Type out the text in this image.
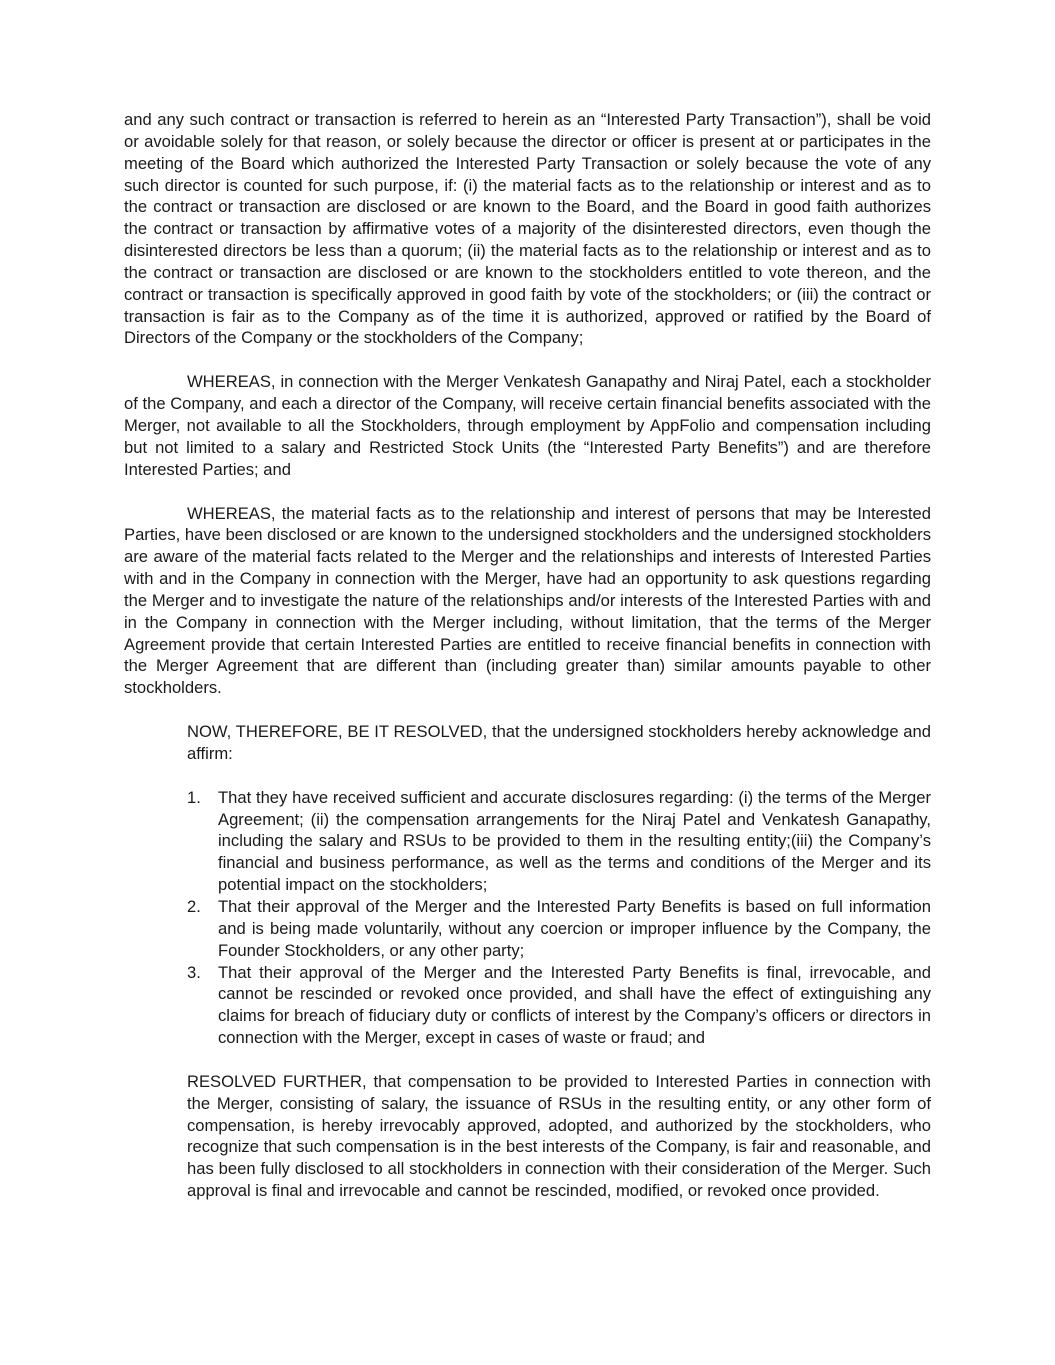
and any such contract or transaction is referred to herein as an “Interested Party Transaction”), shall be void or avoidable solely for that reason, or solely because the director or officer is present at or participates in the meeting of the Board which authorized the Interested Party Transaction or solely because the vote of any such director is counted for such purpose, if: (i) the material facts as to the relationship or interest and as to the contract or transaction are disclosed or are known to the Board, and the Board in good faith authorizes the contract or transaction by affirmative votes of a majority of the disinterested directors, even though the disinterested directors be less than a quorum; (ii) the material facts as to the relationship or interest and as to the contract or transaction are disclosed or are known to the stockholders entitled to vote thereon, and the contract or transaction is specifically approved in good faith by vote of the stockholders; or (iii) the contract or transaction is fair as to the Company as of the time it is authorized, approved or ratified by the Board of Directors of the Company or the stockholders of the Company;

WHEREAS, in connection with the Merger Venkatesh Ganapathy and Niraj Patel, each a stockholder of the Company, and each a director of the Company, will receive certain financial benefits associated with the Merger, not available to all the Stockholders, through employment by AppFolio and compensation including but not limited to a salary and Restricted Stock Units (the “Interested Party Benefits”) and are therefore Interested Parties; and

WHEREAS, the material facts as to the relationship and interest of persons that may be Interested Parties, have been disclosed or are known to the undersigned stockholders and the undersigned stockholders are aware of the material facts related to the Merger and the relationships and interests of Interested Parties with and in the Company in connection with the Merger, have had an opportunity to ask questions regarding the Merger and to investigate the nature of the relationships and/or interests of the Interested Parties with and in the Company in connection with the Merger including, without limitation, that the terms of the Merger Agreement provide that certain Interested Parties are entitled to receive financial benefits in connection with the Merger Agreement that are different than (including greater than) similar amounts payable to other stockholders.

NOW, THEREFORE, BE IT RESOLVED, that the undersigned stockholders hereby acknowledge and affirm:

1. That they have received sufficient and accurate disclosures regarding: (i) the terms of the Merger Agreement; (ii) the compensation arrangements for the Niraj Patel and Venkatesh Ganapathy, including the salary and RSUs to be provided to them in the resulting entity;(iii) the Company’s financial and business performance, as well as the terms and conditions of the Merger and its potential impact on the stockholders;
2. That their approval of the Merger and the Interested Party Benefits is based on full information and is being made voluntarily, without any coercion or improper influence by the Company, the Founder Stockholders, or any other party;
3. That their approval of the Merger and the Interested Party Benefits is final, irrevocable, and cannot be rescinded or revoked once provided, and shall have the effect of extinguishing any claims for breach of fiduciary duty or conflicts of interest by the Company’s officers or directors in connection with the Merger, except in cases of waste or fraud; and

RESOLVED FURTHER, that compensation to be provided to Interested Parties in connection with the Merger, consisting of salary, the issuance of RSUs in the resulting entity, or any other form of compensation, is hereby irrevocably approved, adopted, and authorized by the stockholders, who recognize that such compensation is in the best interests of the Company, is fair and reasonable, and has been fully disclosed to all stockholders in connection with their consideration of the Merger. Such approval is final and irrevocable and cannot be rescinded, modified, or revoked once provided.
